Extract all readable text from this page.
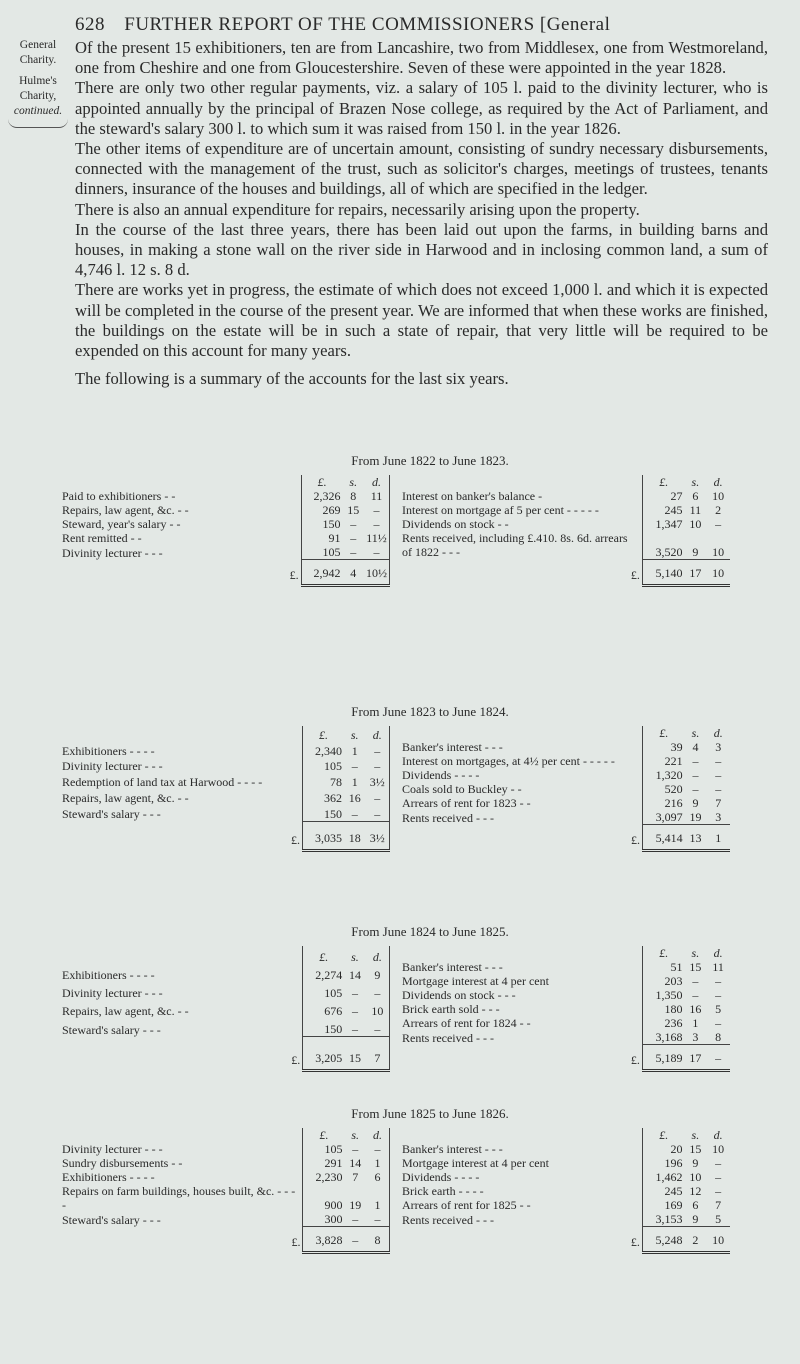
628 FURTHER REPORT OF THE COMMISSIONERS [General
General Charity.
Hulme's Charity,
continued.

Of the present 15 exhibitioners, ten are from Lancashire, two from Middlesex, one from Westmoreland, one from Cheshire and one from Gloucestershire. Seven of these were appointed in the year 1828.

There are only two other regular payments, viz. a salary of 105 l. paid to the divinity lecturer, who is appointed annually by the principal of Brazen Nose college, as required by the Act of Parliament, and the steward's salary 300 l. to which sum it was raised from 150 l. in the year 1826.

The other items of expenditure are of uncertain amount, consisting of sundry necessary disbursements, connected with the management of the trust, such as solicitor's charges, meetings of trustees, tenants dinners, insurance of the houses and buildings, all of which are specified in the ledger.

There is also an annual expenditure for repairs, necessarily arising upon the property.

In the course of the last three years, there has been laid out upon the farms, in building barns and houses, in making a stone wall on the river side in Harwood and in inclosing common land, a sum of 4,746 l. 12 s. 8 d.

There are works yet in progress, the estimate of which does not exceed 1,000 l. and which it is expected will be completed in the course of the present year. We are informed that when these works are finished, the buildings on the estate will be in such a state of repair, that very little will be required to be expended on this account for many years.

The following is a summary of the accounts for the last six years.

From June 1822 to June 1823.
	£.	s.	d.
Paid to exhibitioners - -	2,326	8	11
Repairs, law agent, &c. - -	269	15	–
Steward, year's salary - -	150	–	–
Rent remitted - -	91	–	11½
Divinity lecturer - - -	105	–	–
£.	2,942	4	10½

	£.	s.	d.
Interest on banker's balance -	27	6	10
Interest on mortgage af 5 per cent - - - - -	245	11	2
Dividends on stock - -	1,347	10	–
Rents received, including £.410. 8s. 6d. arrears of 1822 - - -	3,520	9	10
£.	5,140	17	10

From June 1823 to June 1824.
	£.	s.	d.
Exhibitioners - - - -	2,340	1	–
Divinity lecturer - - -	105	–	–
Redemption of land tax at Harwood - - - -	78	1	3½
Repairs, law agent, &c. - -	362	16	–
Steward's salary - - -	150	–	–
£.	3,035	18	3½

	£.	s.	d.
Banker's interest - - -	39	4	3
Interest on mortgages, at 4½ per cent - - - - -	221	–	–
Dividends - - - -	1,320	–	–
Coals sold to Buckley - -	520	–	–
Arrears of rent for 1823 - -	216	9	7
Rents received - - -	3,097	19	3
£.	5,414	13	1

From June 1824 to June 1825.
	£.	s.	d.
Exhibitioners - - - -	2,274	14	9
Divinity lecturer - - -	105	–	–
Repairs, law agent, &c. - -	676	–	10
Steward's salary - - -	150	–	–
£.	3,205	15	7

	£.	s.	d.
Banker's interest - - -	51	15	11
Mortgage interest at 4 per cent	203	–	–
Dividends on stock - - -	1,350	–	–
Brick earth sold - - -	180	16	5
Arrears of rent for 1824 - -	236	1	–
Rents received - - -	3,168	3	8
£.	5,189	17	–

From June 1825 to June 1826.
	£.	s.	d.
Divinity lecturer - - -	105	–	–
Sundry disbursements - -	291	14	1
Exhibitioners - - - -	2,230	7	6
Repairs on farm buildings, houses built, &c. - - - -	900	19	1
Steward's salary - - -	300	–	–
£.	3,828	–	8

	£.	s.	d.
Banker's interest - - -	20	15	10
Mortgage interest at 4 per cent	196	9	–
Dividends - - - -	1,462	10	–
Brick earth - - - -	245	12	–
Arrears of rent for 1825 - -	169	6	7
Rents received - - -	3,153	9	5
£.	5,248	2	10
